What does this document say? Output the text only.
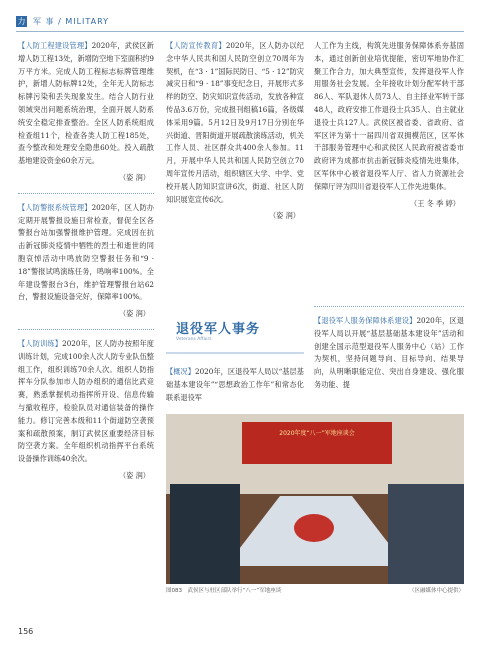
力 军 事 / MILITARY

【人防工程建设管理】2020年，武侯区新增人防工程13处，新增防空地下室面积约9万平方米。完成人防工程标志标牌管理维护，新增人防标牌12处，全年无人防标志标牌污染和丢失现象发生。结合人防行业领域突出问题系统治理，全面开展人防系统安全稳定排查整治。全区人防系统组成检查组11个，检查各类人防工程185处，查今整改和处理安全隐患60处。投入疏散基地建设资金60余万元。

（姿 润）

【人防警报系统管理】2020年，区人防办定期开展警报设施日常检查，督促全区各警报台站加强警报维护管理。完成因在抗击新冠肺炎疫情中牺牲的烈士和逝世的同胞哀悼活动中鸣放防空警报任务和“9 · 18”警报试鸣演练任务，鸣响率100%。全年建设警报台3台，维护管理警报台站62台，警报设施设备完好，保障率100%。

（姿 润）

【人防训练】2020年，区人防办按照年度训练计划，完成100余人次人防专业队伍整组工作，组织训练70余人次。组织人防指挥车分队参加市人防办组织的通信比武竞赛，熟悉掌握机动指挥所开设、信息传输与撤收程序，检验队员对通信装备的操作能力。修订完善本级和11个街道防空袭预案和疏散预案，制订武侯区重要经济目标防空袭方案。全年组织机动指挥平台系统设备操作训练40余次。

（姿 润）

【人防宣传教育】2020年，区人防办以纪念中华人民共和国人民防空创立70周年为契机，在“3 · 1”国际民防日、“5 · 12”防灾减灾日和“9 · 18”事变纪念日，开展形式多样的防空、防灾知识宣传活动，发放各种宣传品3.6万份，完成报刊组稿16篇，各级媒体采用9篇。5月12日及9月17日分别在华兴街道、晋阳街道开展疏散演练活动，机关工作人员、社区群众共400余人参加。11月，开展中华人民共和国人民防空创立70周年宣传月活动，组织辖区大学、中学、党校开展人防知识宣讲6次，街道、社区人防知识展览宣传6次。

（姿 润）
退役军人事务
Veterans Affairs

【概况】2020年，区退役军人局以“基层基础基本建设年”“思想政治工作年”和常态化联系退役军

人工作为主线，构筑先进服务保障体系夯基固本，通过创新创业培优提能，密切军地协作汇聚工作合力，加大典型宣传，发挥退役军人作用服务社会发展。全年接收计划分配军转干部86人、军队退休人员73人、自主择业军转干部48人，政府安排工作退役士兵35人、自主就业退役士兵127人。武侯区被省委、省政府、省军区评为第十一届四川省双拥模范区，区军休干部服务管理中心和武侯区人民政府被省委市政府评为成都市抗击新冠肺炎疫情先进集体，区军休中心被省退役军人厅、省人力资源社会保障厅评为四川省退役军人工作先进集体。

（王 冬 季 婷）

【退役军人服务保障体系建设】2020年，区退役军人局以开展“基层基础基本建设年”活动和创建全国示范型退役军人服务中心（站）工作为契机，坚持问题导向、目标导向、结果导向，从明晰职能定位、突出自身建设、强化服务功能、提

2020年度“八一”军地座谈会
图083　武侯区与驻区部队举行“八一”军地座谈	（区融媒体中心提供）
156
